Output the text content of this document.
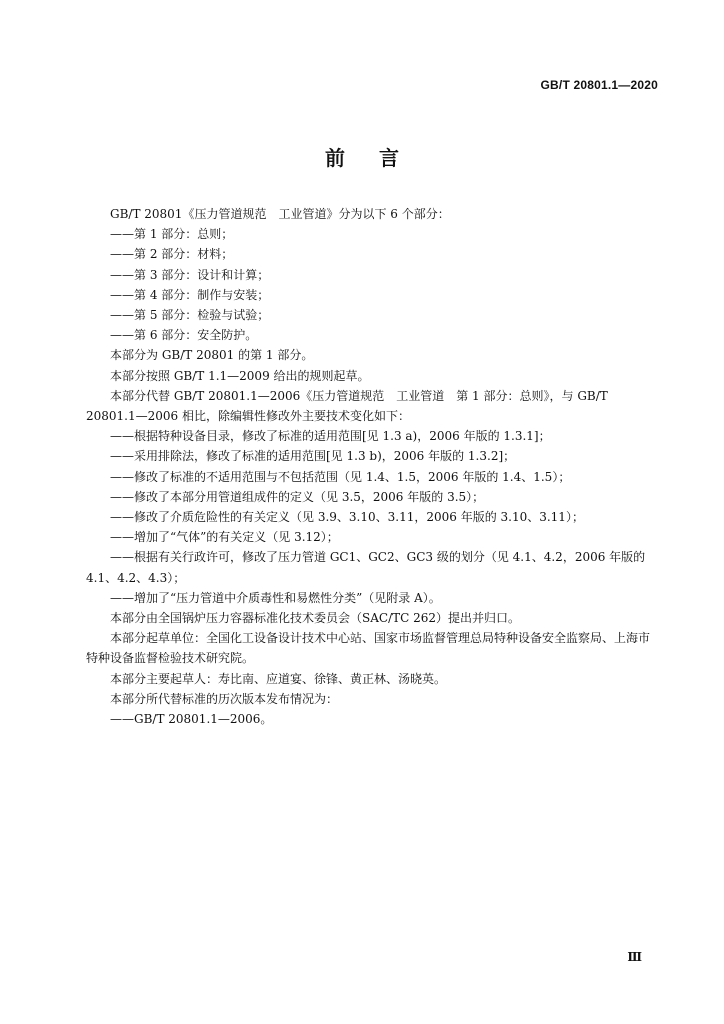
GB/T 20801.1—2020
前言

GB/T 20801《压力管道规范　工业管道》分为以下 6 个部分：

——第 1 部分：总则；

——第 2 部分：材料；

——第 3 部分：设计和计算；

——第 4 部分：制作与安装；

——第 5 部分：检验与试验；

——第 6 部分：安全防护。

本部分为 GB/T 20801 的第 1 部分。

本部分按照 GB/T 1.1—2009 给出的规则起草。

本部分代替 GB/T 20801.1—2006《压力管道规范　工业管道　第 1 部分：总则》，与 GB/T 20801.1—2006 相比，除编辑性修改外主要技术变化如下：

——根据特种设备目录，修改了标准的适用范围[见 1.3 a)，2006 年版的 1.3.1]；

——采用排除法，修改了标准的适用范围[见 1.3 b)，2006 年版的 1.3.2]；

——修改了标准的不适用范围与不包括范围（见 1.4、1.5，2006 年版的 1.4、1.5）；

——修改了本部分用管道组成件的定义（见 3.5，2006 年版的 3.5）；

——修改了介质危险性的有关定义（见 3.9、3.10、3.11，2006 年版的 3.10、3.11）；

——增加了“气体”的有关定义（见 3.12）；

——根据有关行政许可，修改了压力管道 GC1、GC2、GC3 级的划分（见 4.1、4.2，2006 年版的 4.1、4.2、4.3）；

——增加了“压力管道中介质毒性和易燃性分类”（见附录 A）。

本部分由全国锅炉压力容器标准化技术委员会（SAC/TC 262）提出并归口。

本部分起草单位：全国化工设备设计技术中心站、国家市场监督管理总局特种设备安全监察局、上海市特种设备监督检验技术研究院。

本部分主要起草人：寿比南、应道宴、徐锋、黄正林、汤晓英。

本部分所代替标准的历次版本发布情况为：

——GB/T 20801.1—2006。

Ⅲ
